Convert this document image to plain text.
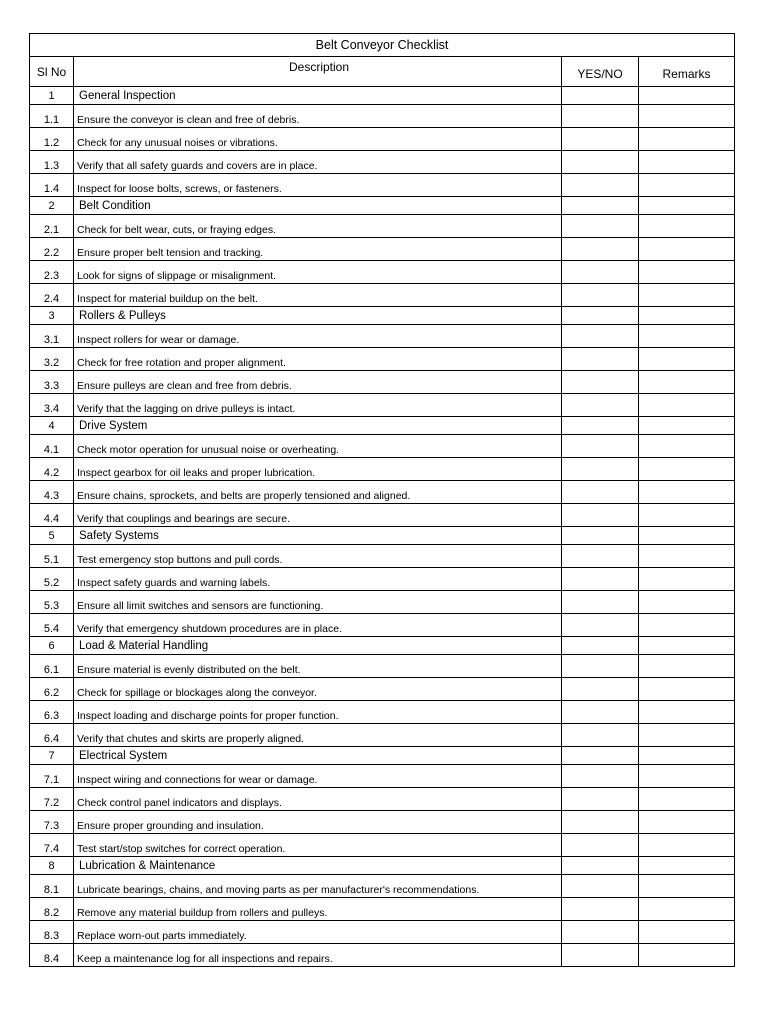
Belt Conveyor Checklist			
Sl No	Description	YES/NO	Remarks
1	General Inspection		
1.1	Ensure the conveyor is clean and free of debris.		
1.2	Check for any unusual noises or vibrations.		
1.3	Verify that all safety guards and covers are in place.		
1.4	Inspect for loose bolts, screws, or fasteners.		
2	Belt Condition		
2.1	Check for belt wear, cuts, or fraying edges.		
2.2	Ensure proper belt tension and tracking.		
2.3	Look for signs of slippage or misalignment.		
2.4	Inspect for material buildup on the belt.		
3	Rollers & Pulleys		
3.1	Inspect rollers for wear or damage.		
3.2	Check for free rotation and proper alignment.		
3.3	Ensure pulleys are clean and free from debris.		
3.4	Verify that the lagging on drive pulleys is intact.		
4	Drive System		
4.1	Check motor operation for unusual noise or overheating.		
4.2	Inspect gearbox for oil leaks and proper lubrication.		
4.3	Ensure chains, sprockets, and belts are properly tensioned and aligned.		
4.4	Verify that couplings and bearings are secure.		
5	Safety Systems		
5.1	Test emergency stop buttons and pull cords.		
5.2	Inspect safety guards and warning labels.		
5.3	Ensure all limit switches and sensors are functioning.		
5.4	Verify that emergency shutdown procedures are in place.		
6	Load & Material Handling		
6.1	Ensure material is evenly distributed on the belt.		
6.2	Check for spillage or blockages along the conveyor.		
6.3	Inspect loading and discharge points for proper function.		
6.4	Verify that chutes and skirts are properly aligned.		
7	Electrical System		
7.1	Inspect wiring and connections for wear or damage.		
7.2	Check control panel indicators and displays.		
7.3	Ensure proper grounding and insulation.		
7.4	Test start/stop switches for correct operation.		
8	Lubrication & Maintenance		
8.1	Lubricate bearings, chains, and moving parts as per manufacturer's recommendations.		
8.2	Remove any material buildup from rollers and pulleys.		
8.3	Replace worn-out parts immediately.		
8.4	Keep a maintenance log for all inspections and repairs.		
